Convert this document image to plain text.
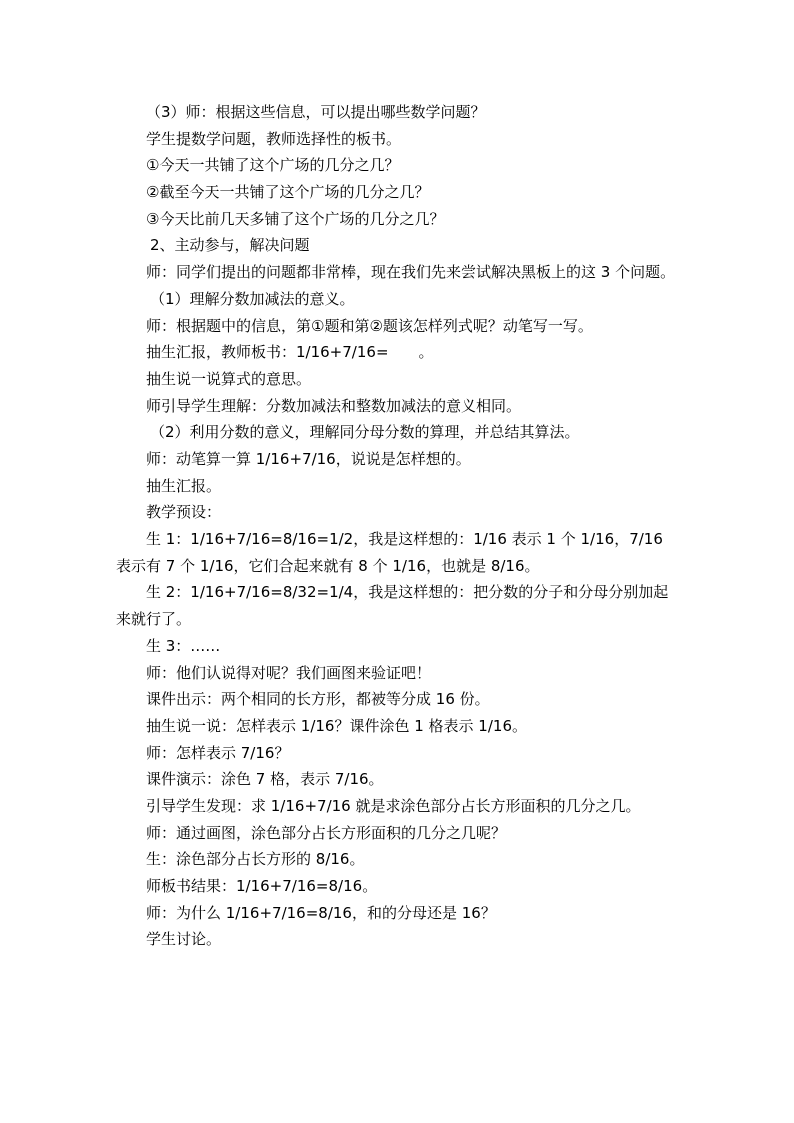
（3）师：根据这些信息，可以提出哪些数学问题？
学生提数学问题，教师选择性的板书。
①今天一共铺了这个广场的几分之几？
②截至今天一共铺了这个广场的几分之几？
③今天比前几天多铺了这个广场的几分之几？
2、主动参与，解决问题
师：同学们提出的问题都非常棒，现在我们先来尝试解决黑板上的这 3 个问题。
（1）理解分数加减法的意义。
师：根据题中的信息，第①题和第②题该怎样列式呢？动笔写一写。
抽生汇报，教师板书：1/16+7/16=　　。
抽生说一说算式的意思。
师引导学生理解：分数加减法和整数加减法的意义相同。
（2）利用分数的意义，理解同分母分数的算理，并总结其算法。
师：动笔算一算 1/16+7/16，说说是怎样想的。
抽生汇报。
教学预设：
生 1：1/16+7/16=8/16=1/2，我是这样想的：1/16 表示 1 个 1/16，7/16 表示有 7 个 1/16，它们合起来就有 8 个 1/16，也就是 8/16。
生 2：1/16+7/16=8/32=1/4，我是这样想的：把分数的分子和分母分别加起来就行了。
生 3：……
师：他们认说得对呢？我们画图来验证吧！
课件出示：两个相同的长方形，都被等分成 16 份。
抽生说一说：怎样表示 1/16？课件涂色 1 格表示 1/16。
师：怎样表示 7/16？
课件演示：涂色 7 格，表示 7/16。
引导学生发现：求 1/16+7/16 就是求涂色部分占长方形面积的几分之几。
师：通过画图，涂色部分占长方形面积的几分之几呢？
生：涂色部分占长方形的 8/16。
师板书结果：1/16+7/16=8/16。
师：为什么 1/16+7/16=8/16，和的分母还是 16？
学生讨论。
